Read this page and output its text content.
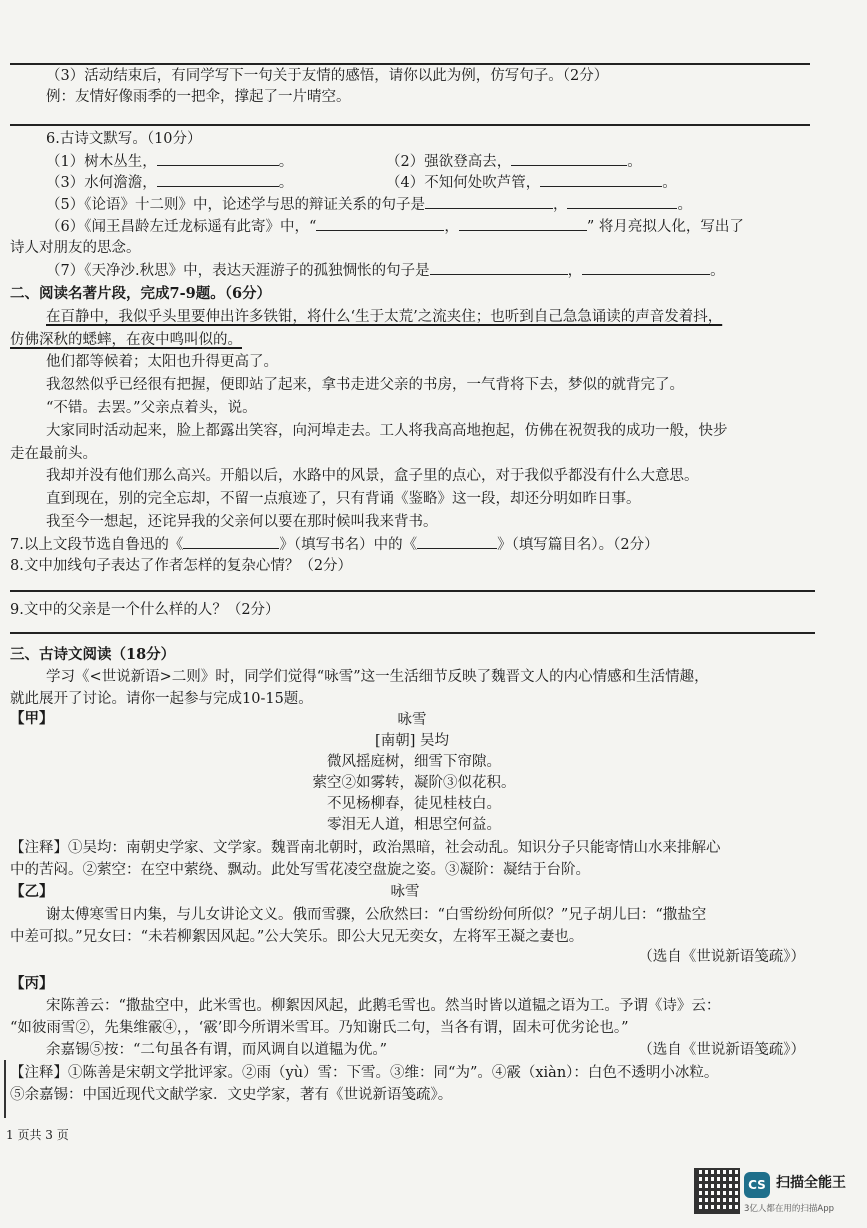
（3）活动结束后，有同学写下一句关于友情的感悟，请你以此为例，仿写句子。（2分）
例：友情好像雨季的一把伞，撑起了一片晴空。
6.古诗文默写。（10分）
（1）树木丛生，	。	（2）强欲登高去，	。
（3）水何澹澹，	。	（4）不知何处吹芦管，	。
（5）《论语》十二则》中，论述学与思的辩证关系的句子是	，	。
（6）《闻王昌龄左迁龙标遥有此寄》中，“	，	” 将月亮拟人化，写出了
诗人对朋友的思念。
（7）《天净沙.秋思》中，表达天涯游子的孤独惆怅的句子是	，	。
二、阅读名著片段，完成7-9题。（6分）
在百静中，我似乎头里要伸出许多铁钳，将什么‘生于太荒’之流夹住；也听到自己急急诵读的声音发着抖，
仿佛深秋的蟋蟀，在夜中鸣叫似的。
他们都等候着；太阳也升得更高了。
我忽然似乎已经很有把握，便即站了起来，拿书走进父亲的书房，一气背将下去，梦似的就背完了。
“不错。去罢。”父亲点着头，说。
大家同时活动起来，脸上都露出笑容，向河埠走去。工人将我高高地抱起，仿佛在祝贺我的成功一般，快步
走在最前头。
我却并没有他们那么高兴。开船以后，水路中的风景，盒子里的点心，对于我似乎都没有什么大意思。
直到现在，别的完全忘却，不留一点痕迹了，只有背诵《鉴略》这一段，却还分明如昨日事。
我至今一想起，还诧异我的父亲何以要在那时候叫我来背书。
7.以上文段节选自鲁迅的《	》（填写书名）中的《	》（填写篇目名）。（2分）
8.文中加线句子表达了作者怎样的复杂心情？（2分）
9.文中的父亲是一个什么样的人？（2分）
三、古诗文阅读（18分）
学习《<世说新语>二则》时，同学们觉得“咏雪”这一生活细节反映了魏晋文人的内心情感和生活情趣，
就此展开了讨论。请你一起参与完成10-15题。
【甲】	咏雪
[南朝] 吴均
微风摇庭树，细雪下帘隙。
萦空②如雾转，凝阶③似花积。
不见杨柳春，徒见桂枝白。
零泪无人道，相思空何益。
【注释】①吴均：南朝史学家、文学家。魏晋南北朝时，政治黑暗，社会动乱。知识分子只能寄情山水来排解心
中的苦闷。②萦空：在空中萦绕、飘动。此处写雪花凌空盘旋之姿。③凝阶：凝结于台阶。
【乙】	咏雪
谢太傅寒雪日内集，与儿女讲论文义。俄而雪骤，公欣然曰：“白雪纷纷何所似？”兄子胡儿曰：“撒盐空
中差可拟。”兄女曰：“未若柳絮因风起。”公大笑乐。即公大兄无奕女，左将军王凝之妻也。
（选自《世说新语笺疏》）
【丙】
宋陈善云：“撒盐空中，此米雪也。柳絮因风起，此鹅毛雪也。然当时皆以道韫之语为工。予谓《诗》云：
“如彼雨雪②，先集维霰④，，‘霰’即今所谓米雪耳。乃知谢氏二句，当各有谓，固未可优劣论也。”
余嘉锡⑤按：“二句虽各有谓，而风调自以道韫为优。”	（选自《世说新语笺疏》）
【注释】①陈善是宋朝文学批评家。②雨（yù）雪：下雪。③维：同“为”。④霰（xiàn）：白色不透明小冰粒。
⑤余嘉锡：中国近现代文献学家．文史学家，著有《世说新语笺疏》。
1 页共 3 页
CS 扫描全能王
3亿人都在用的扫描App
